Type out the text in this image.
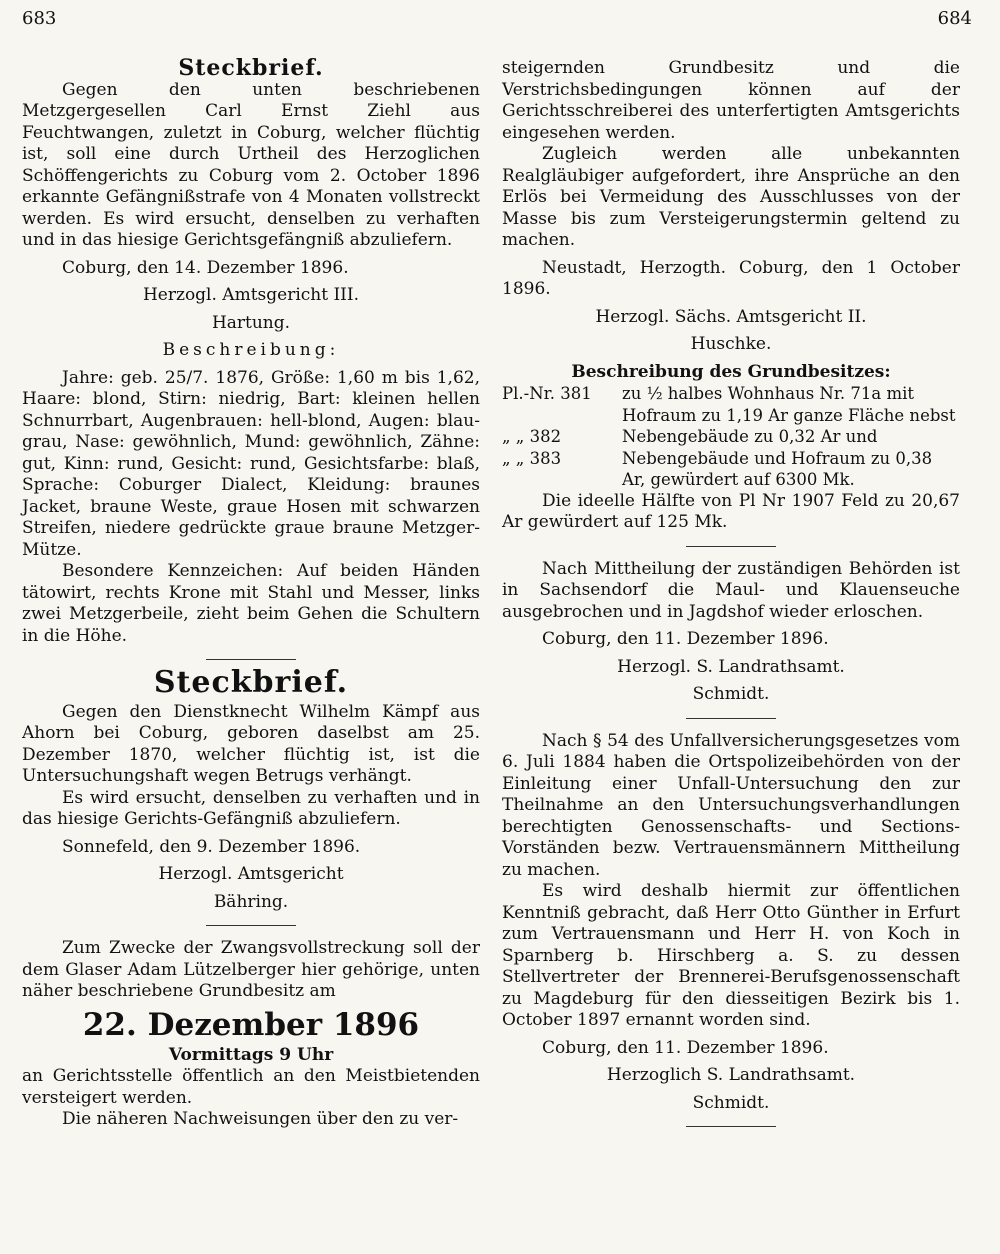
683	684
Steckbrief.

Gegen den unten beschriebenen Metzgergesellen Carl Ernst Ziehl aus Feuchtwangen, zuletzt in Coburg, welcher flüchtig ist, soll eine durch Urtheil des Herzoglichen Schöffengerichts zu Coburg vom 2. October 1896 erkannte Gefängnißstrafe von 4 Monaten vollstreckt werden. Es wird ersucht, denselben zu verhaften und in das hiesige Gerichtsgefängniß abzuliefern.

Coburg, den 14. Dezember 1896.

Herzogl. Amtsgericht III.

Hartung.

Beschreibung:

Jahre: geb. 25/7. 1876, Größe: 1,60 m bis 1,62, Haare: blond, Stirn: niedrig, Bart: kleinen hellen Schnurrbart, Augenbrauen: hell-blond, Augen: blau-grau, Nase: gewöhnlich, Mund: gewöhnlich, Zähne: gut, Kinn: rund, Gesicht: rund, Gesichtsfarbe: blaß, Sprache: Coburger Dialect, Kleidung: braunes Jacket, braune Weste, graue Hosen mit schwarzen Streifen, niedere gedrückte graue braune Metzger-Mütze.

Besondere Kennzeichen: Auf beiden Händen tätowirt, rechts Krone mit Stahl und Messer, links zwei Metzgerbeile, zieht beim Gehen die Schultern in die Höhe.

Steckbrief.

Gegen den Dienstknecht Wilhelm Kämpf aus Ahorn bei Coburg, geboren daselbst am 25. Dezember 1870, welcher flüchtig ist, ist die Untersuchungshaft wegen Betrugs verhängt.

Es wird ersucht, denselben zu verhaften und in das hiesige Gerichts-Gefängniß abzuliefern.

Sonnefeld, den 9. Dezember 1896.

Herzogl. Amtsgericht

Bähring.

Zum Zwecke der Zwangsvollstreckung soll der dem Glaser Adam Lützelberger hier gehörige, unten näher beschriebene Grundbesitz am

22. Dezember 1896
Vormittags 9 Uhr

an Gerichtsstelle öffentlich an den Meistbietenden versteigert werden.

Die näheren Nachweisungen über den zu ver-

steigernden Grundbesitz und die Verstrichsbedingungen können auf der Gerichtsschreiberei des unterfertigten Amtsgerichts eingesehen werden.

Zugleich werden alle unbekannten Realgläubiger aufgefordert, ihre Ansprüche an den Erlös bei Vermeidung des Ausschlusses von der Masse bis zum Versteigerungstermin geltend zu machen.

Neustadt, Herzogth. Coburg, den 1 October 1896.

Herzogl. Sächs. Amtsgericht II.

Huschke.

Beschreibung des Grundbesitzes:

Pl.-Nr. 381	zu ½ halbes Wohnhaus Nr. 71a mit Hofraum zu 1,19 Ar ganze Fläche nebst
„ „ 382	Nebengebäude zu 0,32 Ar und
„ „ 383	Nebengebäude und Hofraum zu 0,38 Ar, gewürdert auf 6300 Mk.

Die ideelle Hälfte von Pl Nr 1907 Feld zu 20,67 Ar gewürdert auf 125 Mk.

Nach Mittheilung der zuständigen Behörden ist in Sachsendorf die Maul- und Klauenseuche ausgebrochen und in Jagdshof wieder erloschen.

Coburg, den 11. Dezember 1896.

Herzogl. S. Landrathsamt.

Schmidt.

Nach § 54 des Unfallversicherungsgesetzes vom 6. Juli 1884 haben die Ortspolizeibehörden von der Einleitung einer Unfall-Untersuchung den zur Theilnahme an den Untersuchungsverhandlungen berechtigten Genossenschafts- und Sections-Vorständen bezw. Vertrauensmännern Mittheilung zu machen.

Es wird deshalb hiermit zur öffentlichen Kenntniß gebracht, daß Herr Otto Günther in Erfurt zum Vertrauensmann und Herr H. von Koch in Sparnberg b. Hirschberg a. S. zu dessen Stellvertreter der Brennerei-Berufsgenossenschaft zu Magdeburg für den diesseitigen Bezirk bis 1. October 1897 ernannt worden sind.

Coburg, den 11. Dezember 1896.

Herzoglich S. Landrathsamt.

Schmidt.
